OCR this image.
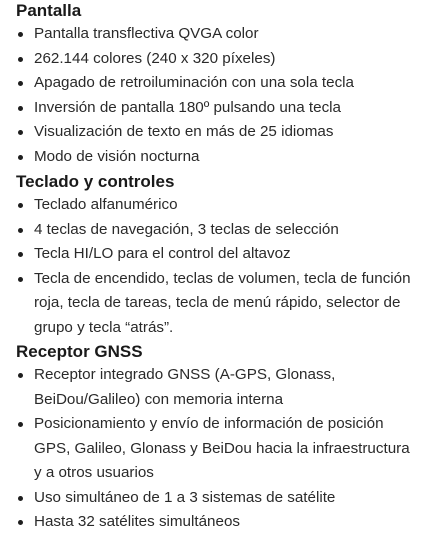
Pantalla
Pantalla transflectiva QVGA color
262.144 colores (240 x 320 píxeles)
Apagado de retroiluminación con una sola tecla
Inversión de pantalla 180º pulsando una tecla
Visualización de texto en más de 25 idiomas
Modo de visión nocturna
Teclado y controles
Teclado alfanumérico
4 teclas de navegación, 3 teclas de selección
Tecla HI/LO para el control del altavoz
Tecla de encendido, teclas de volumen, tecla de función roja, tecla de tareas, tecla de menú rápido, selector de grupo y tecla “atrás”.
Receptor GNSS
Receptor integrado GNSS (A-GPS, Glonass, BeiDou/Galileo) con memoria interna
Posicionamiento y envío de información de posición GPS, Galileo, Glonass y BeiDou hacia la infraestructura y a otros usuarios
Uso simultáneo de 1 a 3 sistemas de satélite
Hasta 32 satélites simultáneos
